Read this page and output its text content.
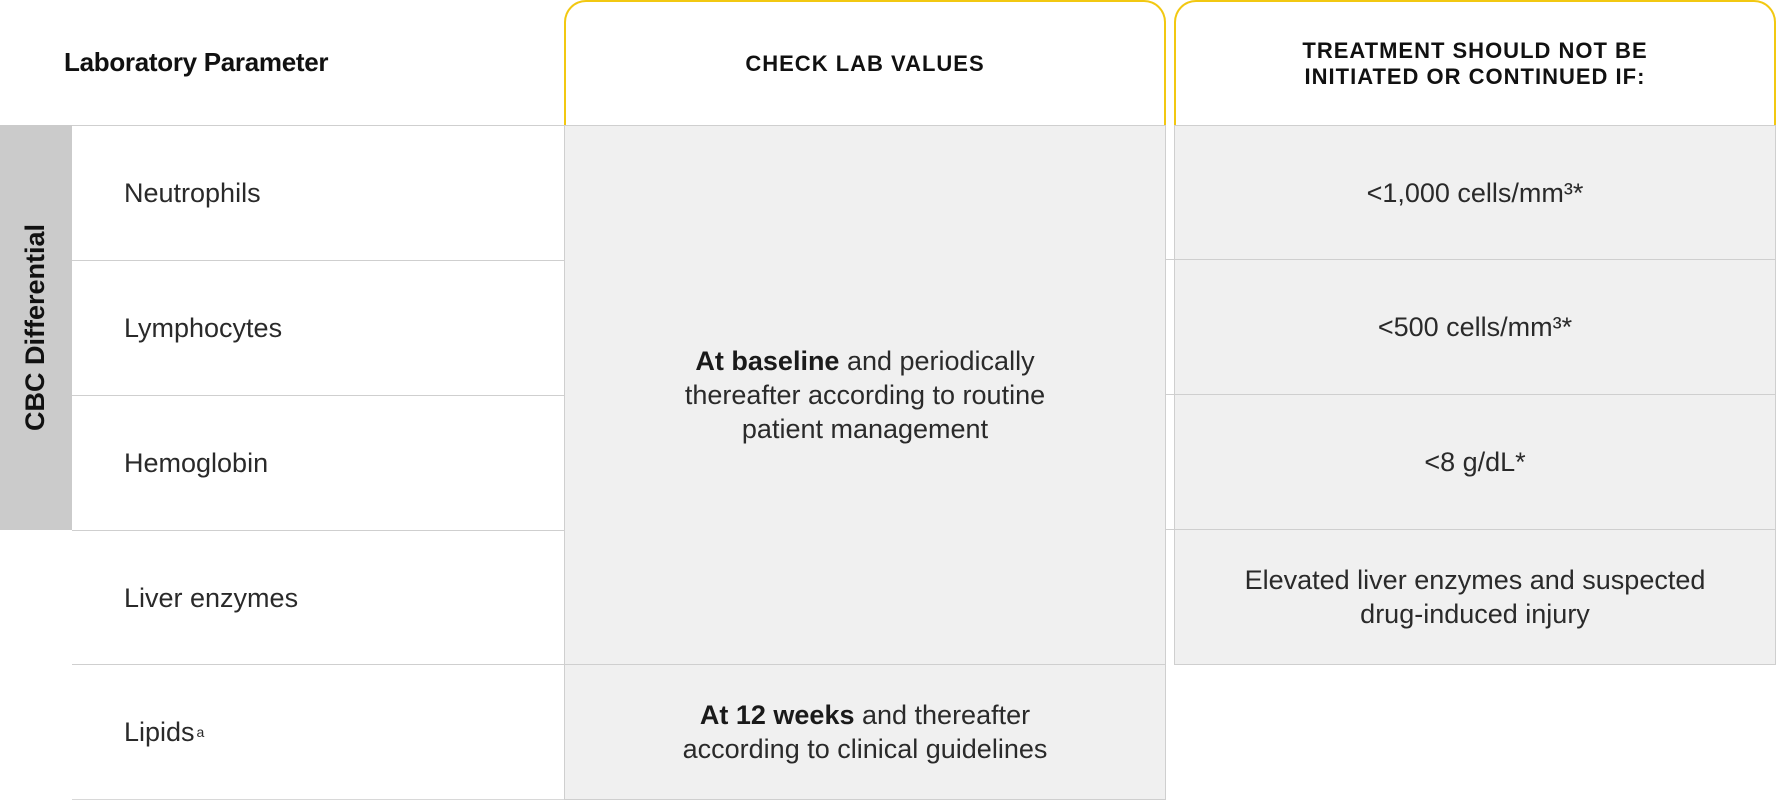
Laboratory Parameter	CHECK LAB VALUES
TREATMENT SHOULD NOT BE INITIATED OR CONTINUED IF:
CBC Differential
Neutrophils
Lymphocytes
Hemoglobin
Liver enzymes
Lipids a
At baseline and periodically thereafter according to routine patient management
At 12 weeks and thereafter according to clinical guidelines
<1,000 cells/mm³*
<500 cells/mm³*
<8 g/dL*
Elevated liver enzymes and suspected drug-induced injury
